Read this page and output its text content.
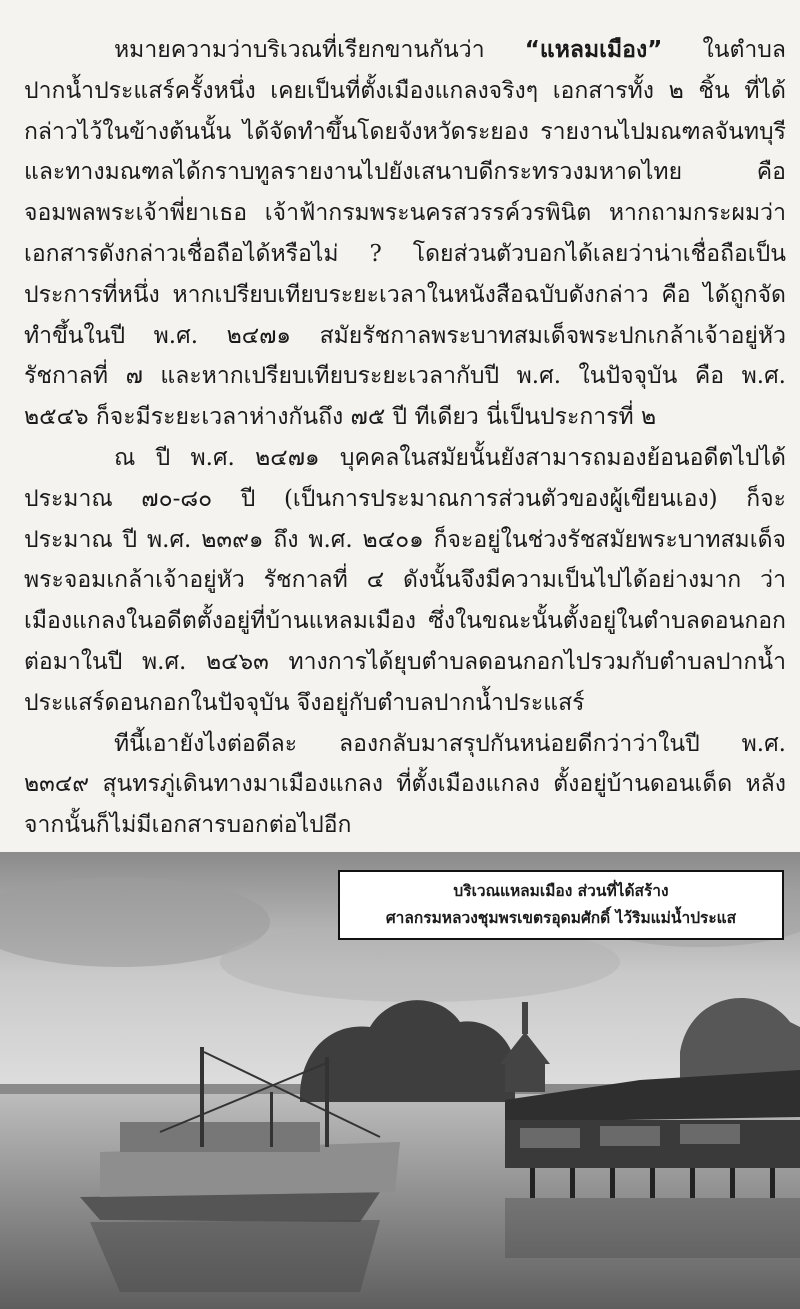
หมายความว่าบริเวณที่เรียกขานกันว่า “แหลมเมือง” ในตำบลปากน้ำประแสร์ครั้งหนึ่ง เคยเป็นที่ตั้งเมืองแกลงจริงๆ เอกสารทั้ง ๒ ชิ้น ที่ได้กล่าวไว้ในข้างต้นนั้น ได้จัดทำขึ้นโดยจังหวัดระยอง รายงานไปมณฑลจันทบุรีและทางมณฑลได้กราบทูลรายงานไปยังเสนาบดีกระทรวงมหาดไทย คือ จอมพลพระเจ้าพี่ยาเธอ เจ้าฟ้ากรมพระนครสวรรค์วรพินิต หากถามกระผมว่า เอกสารดังกล่าวเชื่อถือได้หรือไม่ ? โดยส่วนตัวบอกได้เลยว่าน่าเชื่อถือเป็นประการที่หนึ่ง หากเปรียบเทียบระยะเวลาในหนังสือฉบับดังกล่าว คือ ได้ถูกจัดทำขึ้นในปี พ.ศ. ๒๔๗๑ สมัยรัชกาลพระบาทสมเด็จพระปกเกล้าเจ้าอยู่หัว รัชกาลที่ ๗ และหากเปรียบเทียบระยะเวลากับปี พ.ศ. ในปัจจุบัน คือ พ.ศ. ๒๕๔๖ ก็จะมีระยะเวลาห่างกันถึง ๗๕ ปี ทีเดียว นี่เป็นประการที่ ๒

ณ ปี พ.ศ. ๒๔๗๑ บุคคลในสมัยนั้นยังสามารถมองย้อนอดีตไปได้ประมาณ ๗๐-๘๐ ปี (เป็นการประมาณการส่วนตัวของผู้เขียนเอง) ก็จะประมาณ ปี พ.ศ. ๒๓๙๑ ถึง พ.ศ. ๒๔๐๑ ก็จะอยู่ในช่วงรัชสมัยพระบาทสมเด็จพระจอมเกล้าเจ้าอยู่หัว รัชกาลที่ ๔ ดังนั้นจึงมีความเป็นไปได้อย่างมาก ว่าเมืองแกลงในอดีตตั้งอยู่ที่บ้านแหลมเมือง ซึ่งในขณะนั้นตั้งอยู่ในตำบลดอนกอก ต่อมาในปี พ.ศ. ๒๔๖๓ ทางการได้ยุบตำบลดอนกอกไปรวมกับตำบลปากน้ำประแสร์ดอนกอกในปัจจุบัน จึงอยู่กับตำบลปากน้ำประแสร์

ทีนี้เอายังไงต่อดีละ ลองกลับมาสรุปกันหน่อยดีกว่าว่าในปี พ.ศ. ๒๓๔๙ สุนทรภู่เดินทางมาเมืองแกลง ที่ตั้งเมืองแกลง ตั้งอยู่บ้านดอนเด็ด หลังจากนั้นก็ไม่มีเอกสารบอกต่อไปอีก

บริเวณแหลมเมือง ส่วนที่ได้สร้าง
ศาลกรมหลวงชุมพรเขตรอุดมศักดิ์ ไว้ริมแม่น้ำประแส
